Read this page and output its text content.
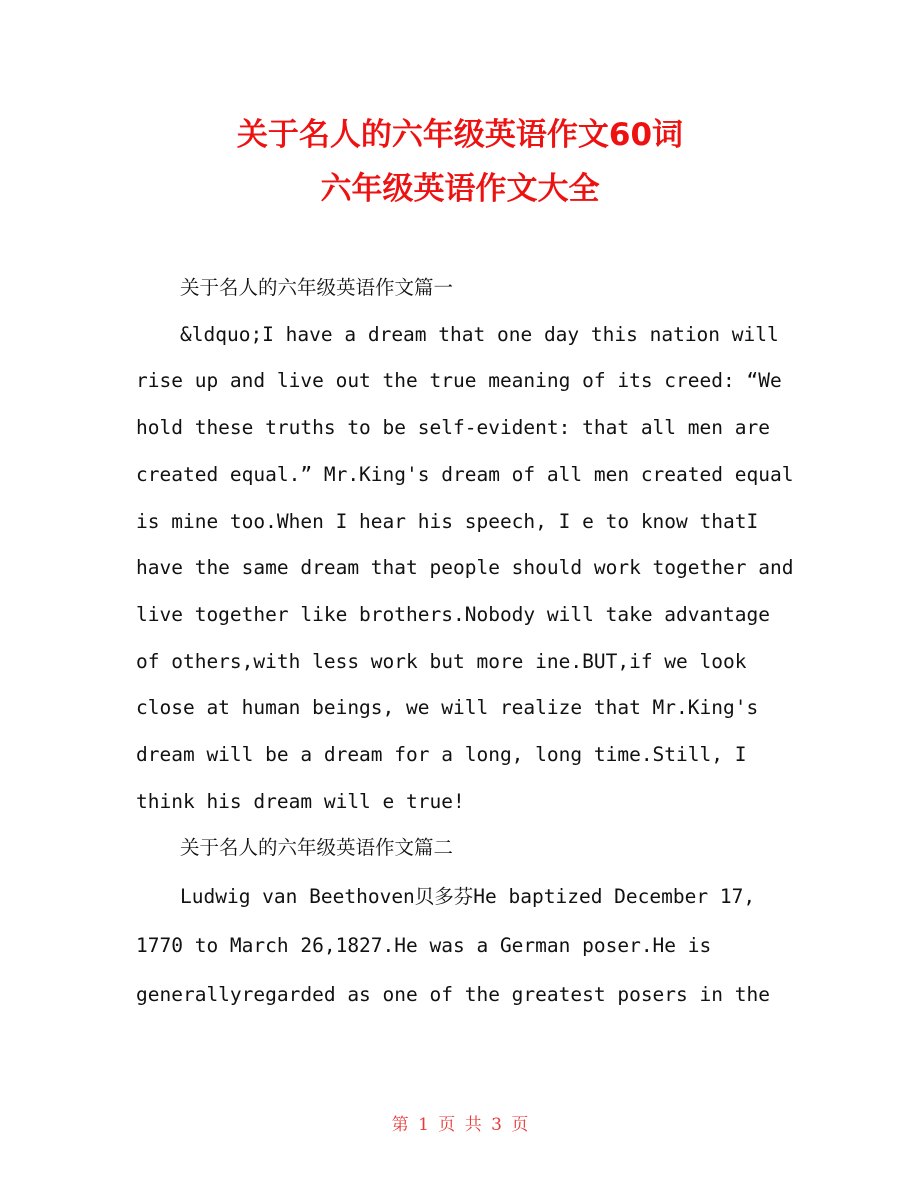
关于名人的六年级英语作文60词
六年级英语作文大全

关于名人的六年级英语作文篇一

&ldquo;I have a dream that one day this nation will rise up and live out the true meaning of its creed: “We hold these truths to be self-evident: that all men are created equal.” Mr.King's dream of all men created equal is mine too.When I hear his speech, I e to know thatI have the same dream that people should work together and live together like brothers.Nobody will take advantage of others,with less work but more ine.BUT,if we look close at human beings, we will realize that Mr.King's dream will be a dream for a long, long time.Still, I think his dream will e true!

关于名人的六年级英语作文篇二

Ludwig van Beethoven贝多芬He baptized December 17, 1770 to March 26,1827.He was a German poser.He is generallyregarded as one of the greatest posers in the

第 1 页 共 3 页
